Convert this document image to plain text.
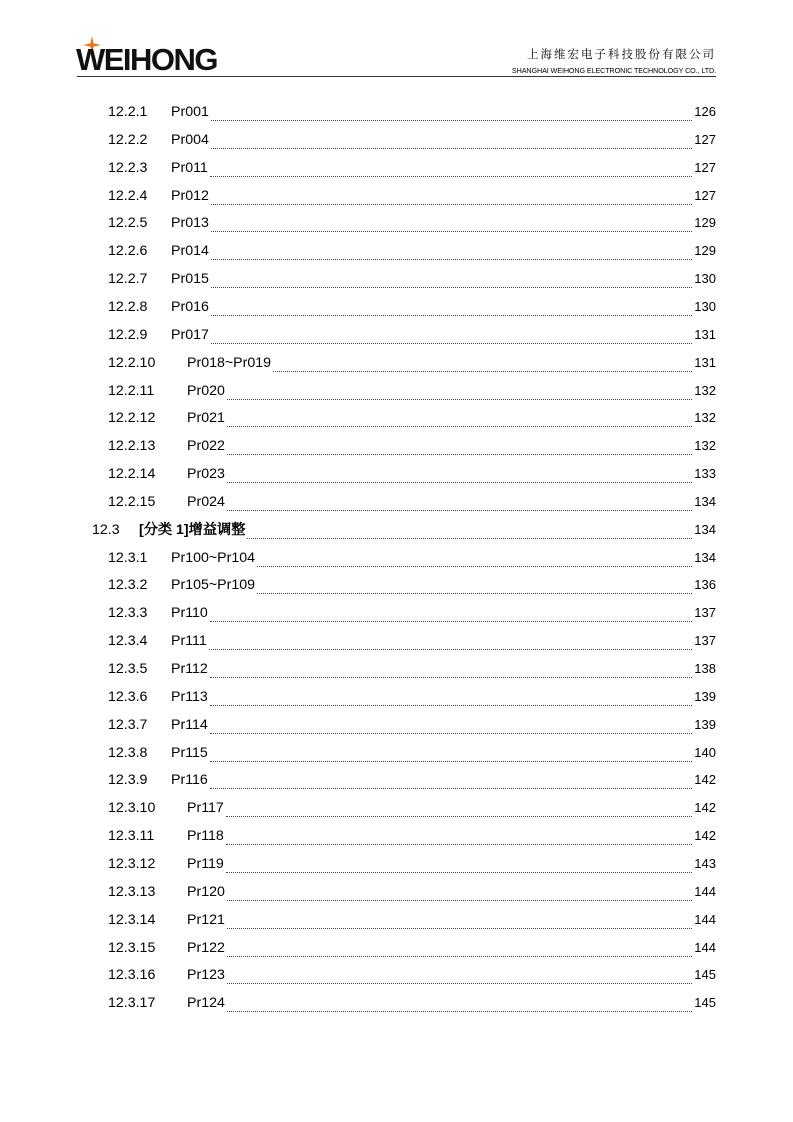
WEIHONG	上海维宏电子科技股份有限公司
SHANGHAI WEIHONG ELECTRONIC TECHNOLOGY CO., LTD.
12.2.1 Pr001	126
12.2.2 Pr004	127
12.2.3 Pr011	127
12.2.4 Pr012	127
12.2.5 Pr013	129
12.2.6 Pr014	129
12.2.7 Pr015	130
12.2.8 Pr016	130
12.2.9 Pr017	131
12.2.10 Pr018~Pr019	131
12.2.11 Pr020	132
12.2.12 Pr021	132
12.2.13 Pr022	132
12.2.14 Pr023	133
12.2.15 Pr024	134
12.3 [分类 1]增益调整	134
12.3.1 Pr100~Pr104	134
12.3.2 Pr105~Pr109	136
12.3.3 Pr110	137
12.3.4 Pr111	137
12.3.5 Pr112	138
12.3.6 Pr113	139
12.3.7 Pr114	139
12.3.8 Pr115	140
12.3.9 Pr116	142
12.3.10 Pr117	142
12.3.11 Pr118	142
12.3.12 Pr119	143
12.3.13 Pr120	144
12.3.14 Pr121	144
12.3.15 Pr122	144
12.3.16 Pr123	145
12.3.17 Pr124	145
